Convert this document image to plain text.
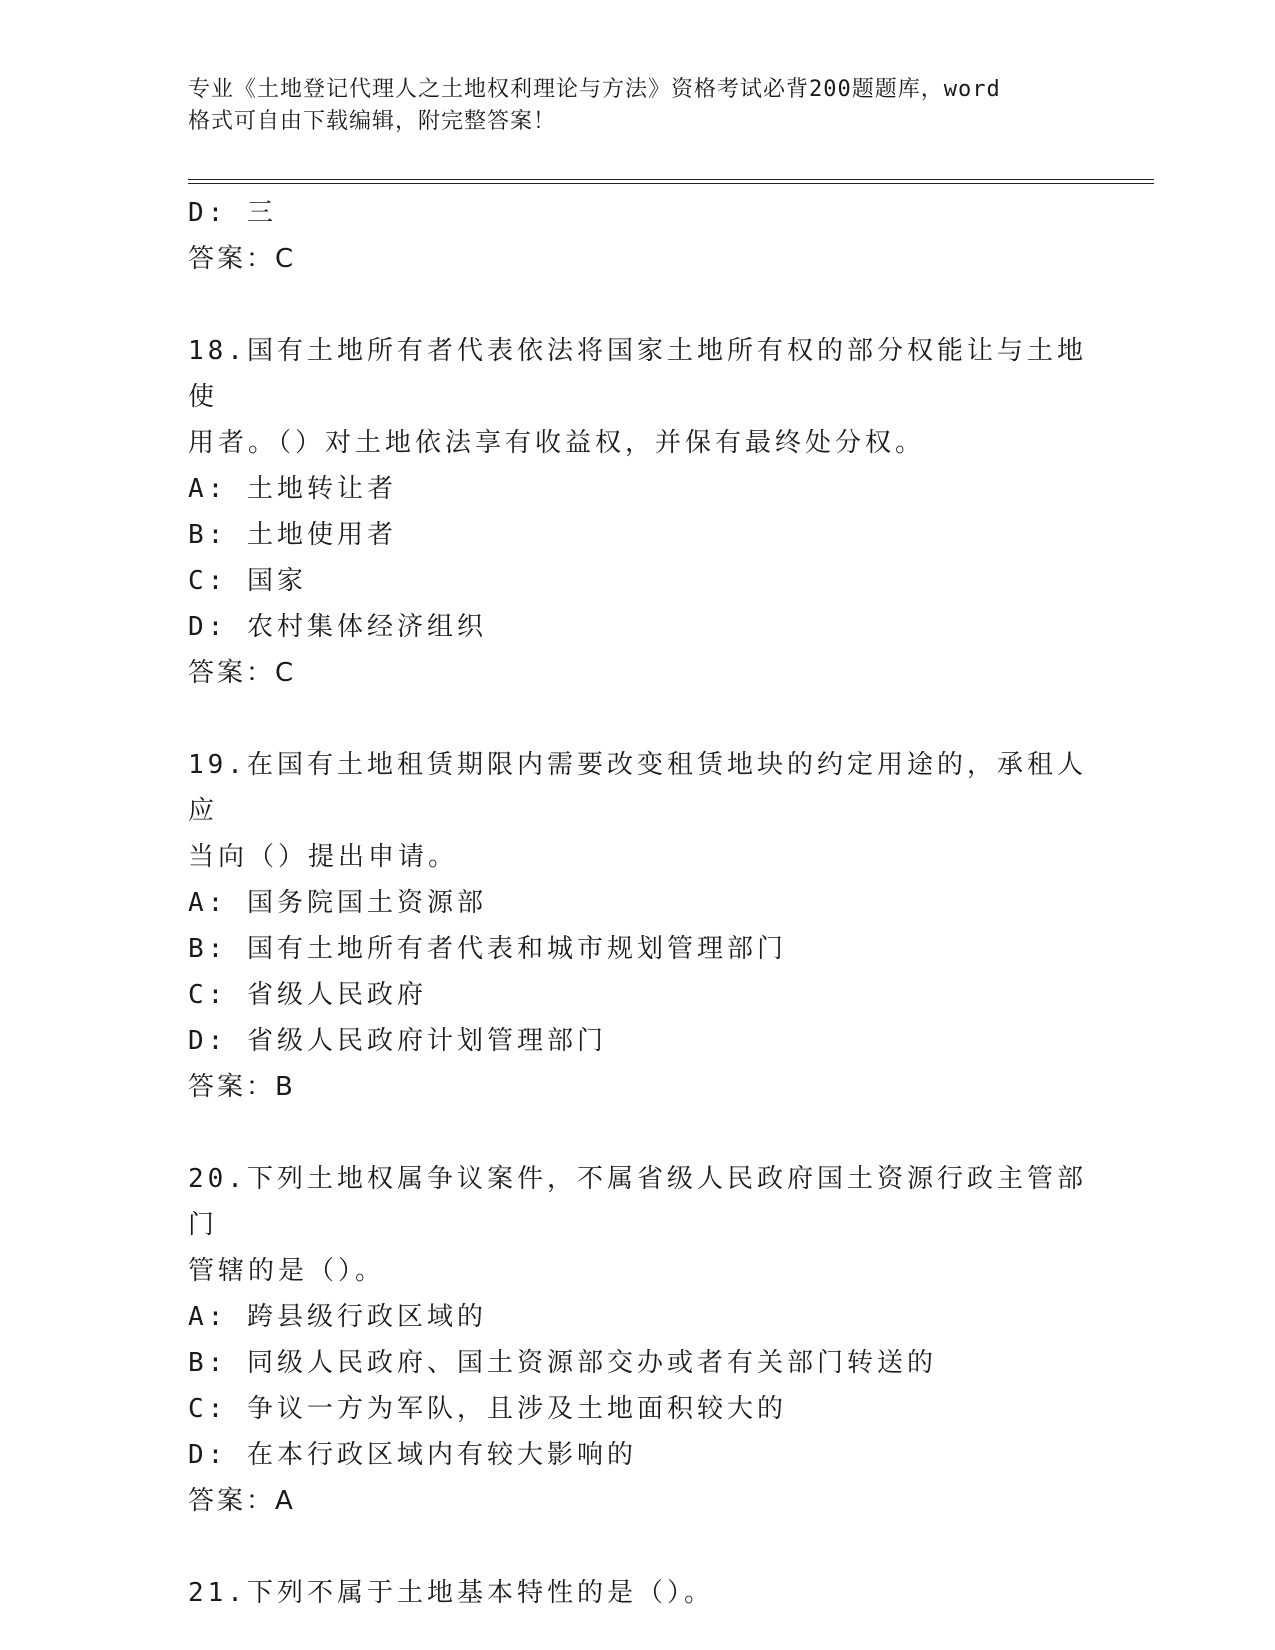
专业《土地登记代理人之土地权利理论与方法》资格考试必背200题题库，word
格式可自由下载编辑，附完整答案！
D: 三
答案：C
18.国有土地所有者代表依法将国家土地所有权的部分权能让与土地使
用者。（）对土地依法享有收益权，并保有最终处分权。
A: 土地转让者
B: 土地使用者
C: 国家
D: 农村集体经济组织
答案：C
19.在国有土地租赁期限内需要改变租赁地块的约定用途的，承租人应
当向（）提出申请。
A: 国务院国土资源部
B: 国有土地所有者代表和城市规划管理部门
C: 省级人民政府
D: 省级人民政府计划管理部门
答案：B
20.下列土地权属争议案件，不属省级人民政府国土资源行政主管部门
管辖的是（）。
A: 跨县级行政区域的
B: 同级人民政府、国土资源部交办或者有关部门转送的
C: 争议一方为军队，且涉及土地面积较大的
D: 在本行政区域内有较大影响的
答案：A
21.下列不属于土地基本特性的是（）。
